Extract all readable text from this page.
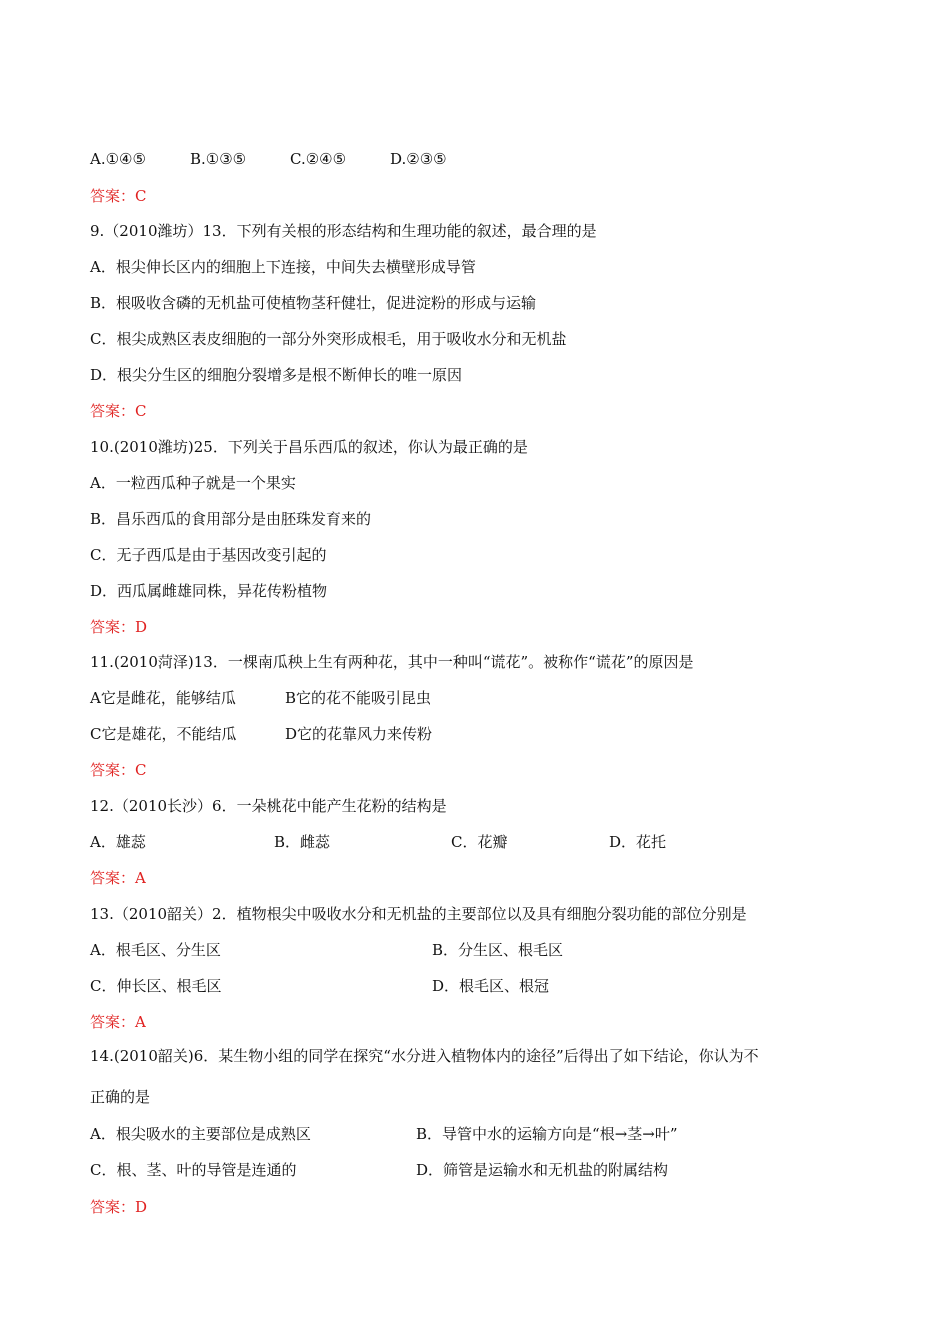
A.①④⑤	B.①③⑤	C.②④⑤	D.②③⑤
答案：C
9.（2010潍坊）13．下列有关根的形态结构和生理功能的叙述，最合理的是
A．根尖伸长区内的细胞上下连接，中间失去横壁形成导管
B．根吸收含磷的无机盐可使植物茎秆健壮，促进淀粉的形成与运输
C．根尖成熟区表皮细胞的一部分外突形成根毛，用于吸收水分和无机盐
D．根尖分生区的细胞分裂增多是根不断伸长的唯一原因
答案：C
10.(2010潍坊)25．下列关于昌乐西瓜的叙述，你认为最正确的是
A．一粒西瓜种子就是一个果实
B．昌乐西瓜的食用部分是由胚珠发育来的
C．无子西瓜是由于基因改变引起的
D．西瓜属雌雄同株，异花传粉植物
答案：D
11.(2010菏泽)13．一棵南瓜秧上生有两种花，其中一种叫“谎花”。被称作“谎花”的原因是
A它是雌花，能够结瓜	B它的花不能吸引昆虫
C它是雄花，不能结瓜	D它的花靠风力来传粉
答案：C
12.（2010长沙）6．一朵桃花中能产生花粉的结构是
A．雄蕊	B．雌蕊	C．花瓣	D．花托
答案：A
13.（2010韶关）2．植物根尖中吸收水分和无机盐的主要部位以及具有细胞分裂功能的部位分别是
A．根毛区、分生区	B．分生区、根毛区
C．伸长区、根毛区	D．根毛区、根冠
答案：A
14.(2010韶关)6．某生物小组的同学在探究“水分进入植物体内的途径”后得出了如下结论，你认为不
正确的是
A．根尖吸水的主要部位是成熟区	B．导管中水的运输方向是“根→茎→叶”
C．根、茎、叶的导管是连通的	D．筛管是运输水和无机盐的附属结构
答案：D
